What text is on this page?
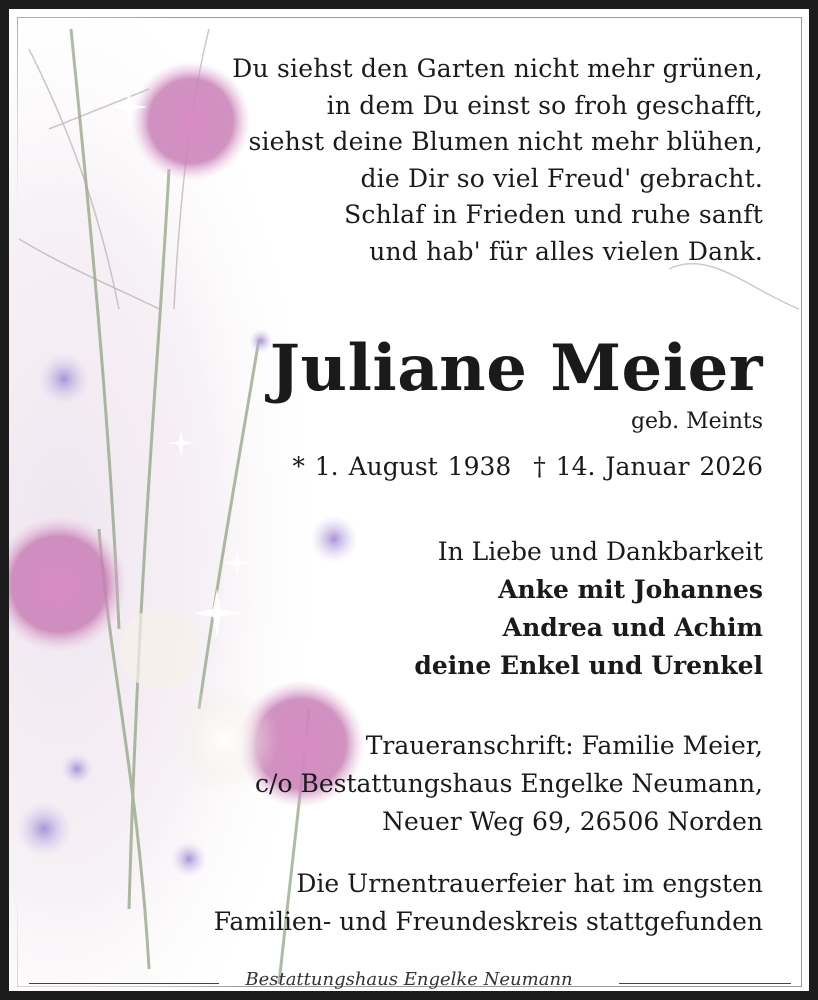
Du siehst den Garten nicht mehr grünen,
in dem Du einst so froh geschafft,
siehst deine Blumen nicht mehr blühen,
die Dir so viel Freud' gebracht.
Schlaf in Frieden und ruhe sanft
und hab' für alles vielen Dank.
Juliane Meier
geb. Meints
* 1. August 1938 † 14. Januar 2026
In Liebe und Dankbarkeit
Anke mit Johannes
Andrea und Achim
deine Enkel und Urenkel
Traueranschrift: Familie Meier,
c/o Bestattungshaus Engelke Neumann,
Neuer Weg 69, 26506 Norden
Die Urnentrauerfeier hat im engsten
Familien- und Freundeskreis stattgefunden
Bestattungshaus Engelke Neumann
